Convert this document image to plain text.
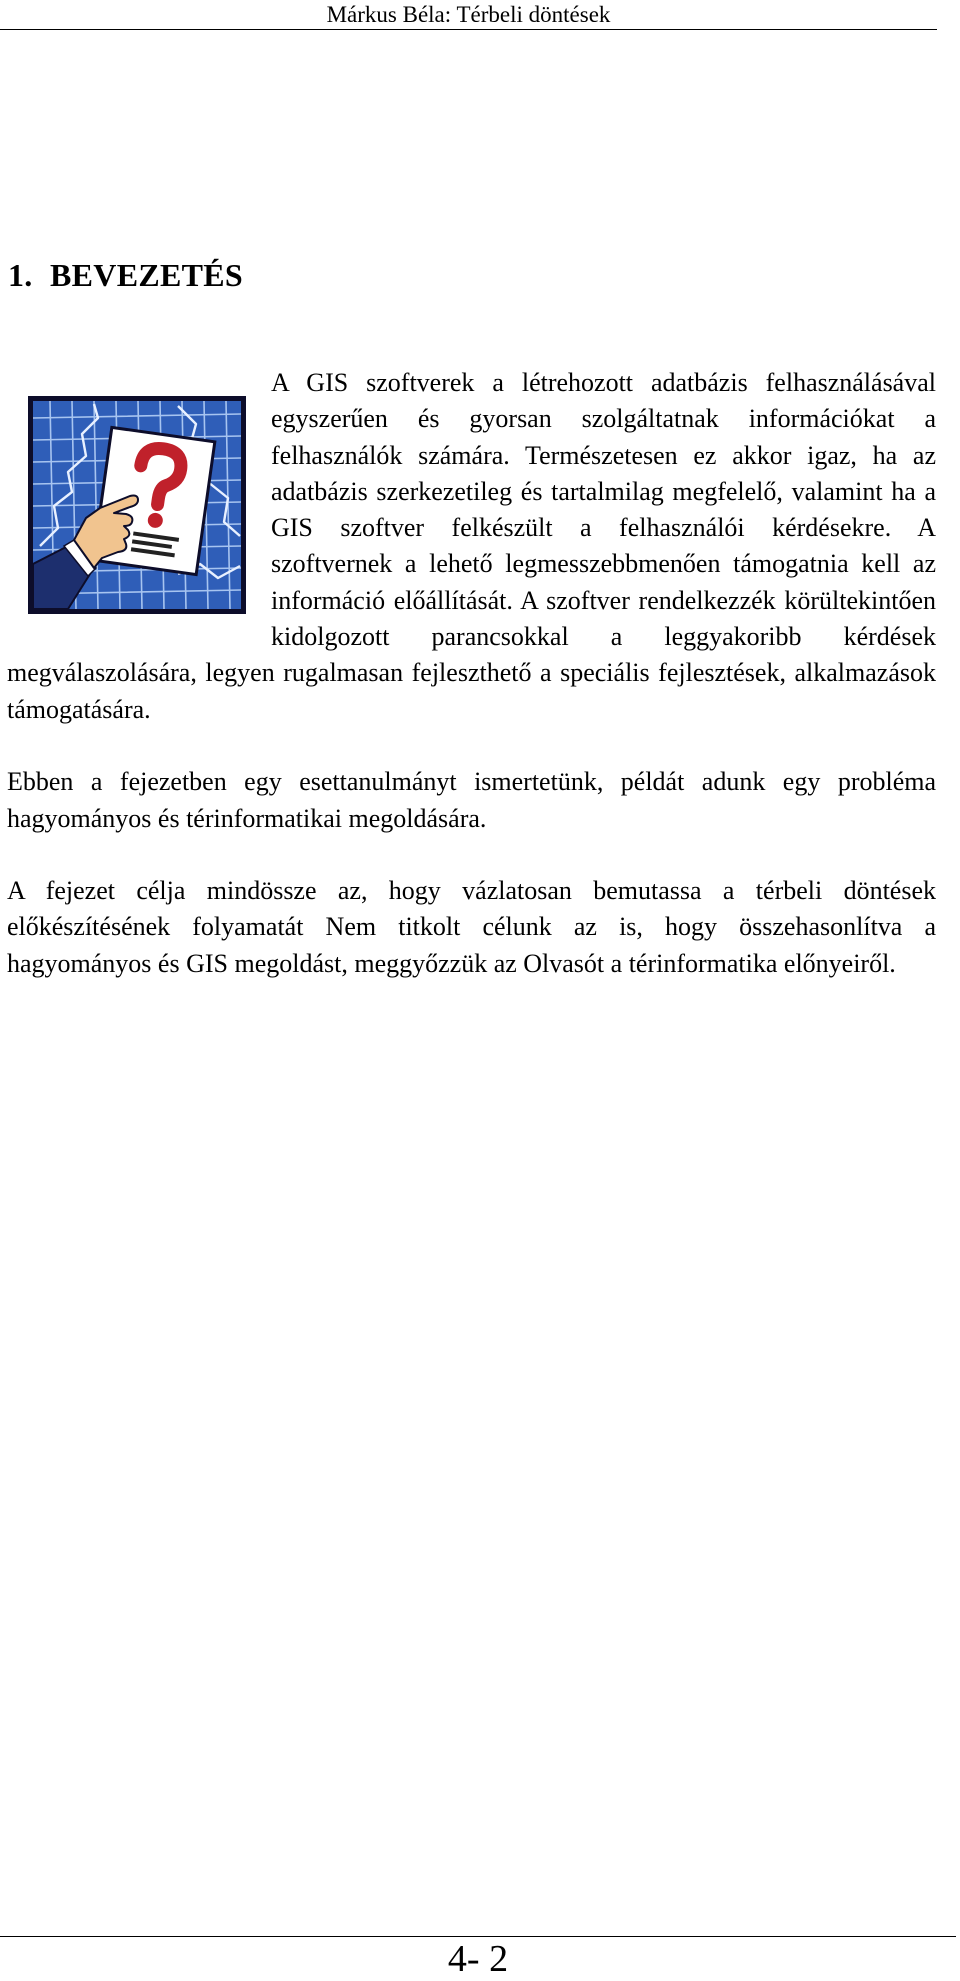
Márkus Béla: Térbeli döntések
1. BEVEZETÉS

A GIS szoftverek a létrehozott adatbázis felhasználásával egyszerűen és gyorsan szolgáltatnak információkat a felhasználók számára. Természetesen ez akkor igaz, ha az adatbázis szerkezetileg és tartalmilag megfelelő, valamint ha a GIS szoftver felkészült a felhasználói kérdésekre. A szoftvernek a lehető legmesszebbmenően támogatnia kell az információ előállítását. A szoftver rendelkezzék körültekintően kidolgozott parancsokkal a leggyakoribb kérdések megválaszolására, legyen rugalmasan fejleszthető a speciális fejlesztések, alkalmazások támogatására.

Ebben a fejezetben egy esettanulmányt ismertetünk, példát adunk egy probléma hagyományos és térinformatikai megoldására.

A fejezet célja mindössze az, hogy vázlatosan bemutassa a térbeli döntések előkészítésének folyamatát Nem titkolt célunk az is, hogy összehasonlítva a hagyományos és GIS megoldást, meggyőzzük az Olvasót a térinformatika előnyeiről.

4- 2
